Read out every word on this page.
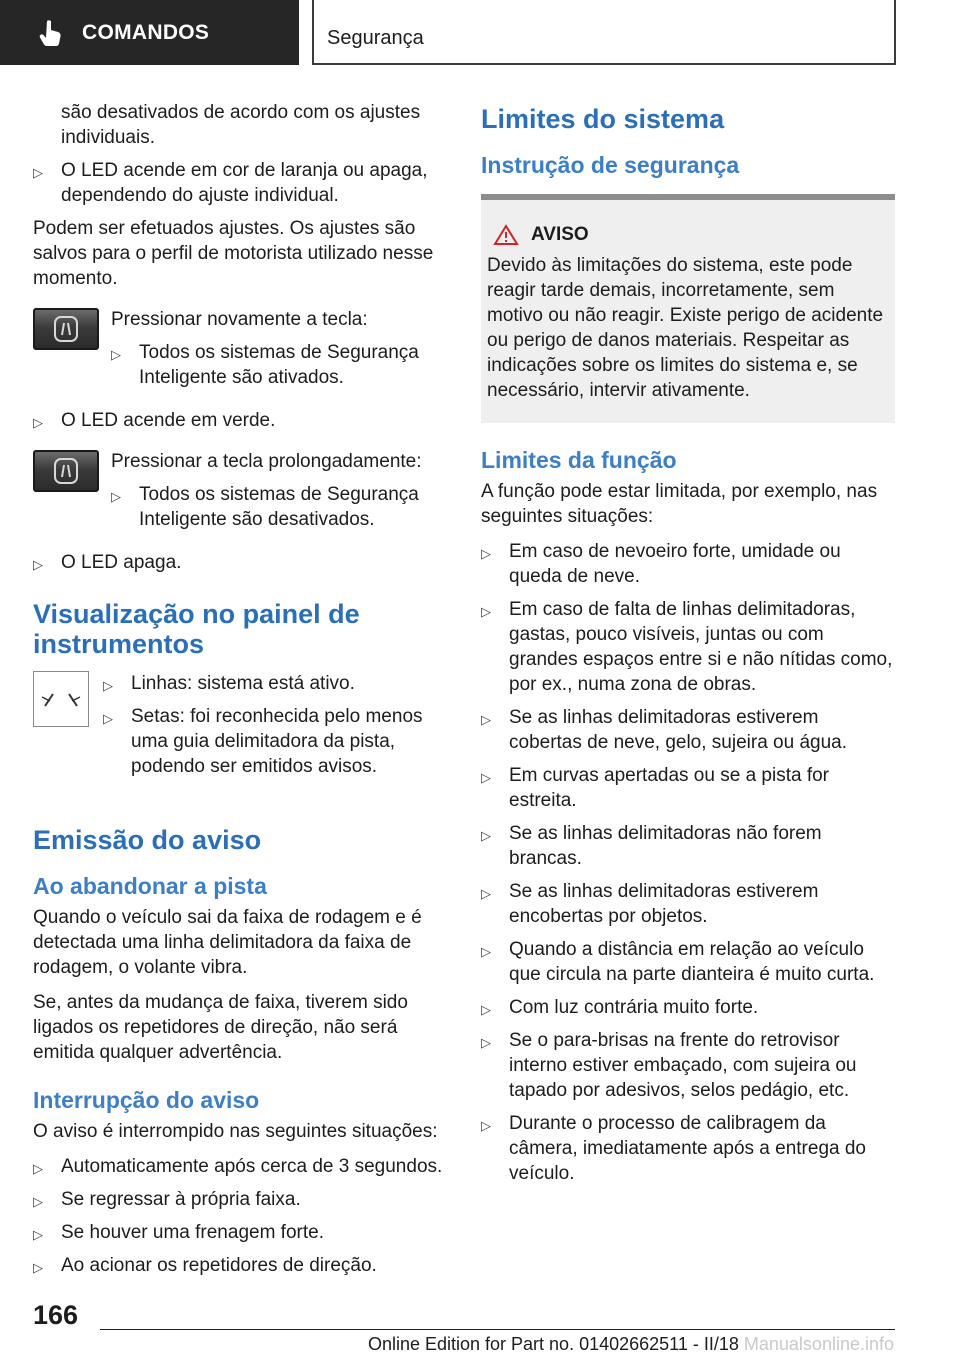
COMANDOS	Segurança
são desativados de acordo com os ajustes individuais.
▷ O LED acende em cor de laranja ou apaga, dependendo do ajuste individual.

Podem ser efetuados ajustes. Os ajustes são salvos para o perfil de motorista utilizado nesse momento.

Pressionar novamente a tecla:
▷ Todos os sistemas de Segurança Inteligente são ativados.
▷ O LED acende em verde.
Pressionar a tecla prolongadamente:
▷ Todos os sistemas de Segurança Inteligente são desativados.
▷ O LED apaga.
Visualização no painel de instrumentos
▷ Linhas: sistema está ativo.
▷ Setas: foi reconhecida pelo menos uma guia delimitadora da pista, podendo ser emitidos avisos.
Emissão do aviso
Ao abandonar a pista

Quando o veículo sai da faixa de rodagem e é detectada uma linha delimitadora da faixa de rodagem, o volante vibra.

Se, antes da mudança de faixa, tiverem sido ligados os repetidores de direção, não será emitida qualquer advertência.

Interrupção do aviso

O aviso é interrompido nas seguintes situações:

▷ Automaticamente após cerca de 3 segundos.
▷ Se regressar à própria faixa.
▷ Se houver uma frenagem forte.
▷ Ao acionar os repetidores de direção.
Limites do sistema
Instrução de segurança
AVISO
Devido às limitações do sistema, este pode reagir tarde demais, incorretamente, sem motivo ou não reagir. Existe perigo de acidente ou perigo de danos materiais. Respeitar as indicações sobre os limites do sistema e, se necessário, intervir ativamente.
Limites da função

A função pode estar limitada, por exemplo, nas seguintes situações:

▷ Em caso de nevoeiro forte, umidade ou queda de neve.
▷ Em caso de falta de linhas delimitadoras, gastas, pouco visíveis, juntas ou com grandes espaços entre si e não nítidas como, por ex., numa zona de obras.
▷ Se as linhas delimitadoras estiverem cobertas de neve, gelo, sujeira ou água.
▷ Em curvas apertadas ou se a pista for estreita.
▷ Se as linhas delimitadoras não forem brancas.
▷ Se as linhas delimitadoras estiverem encobertas por objetos.
▷ Quando a distância em relação ao veículo que circula na parte dianteira é muito curta.
▷ Com luz contrária muito forte.
▷ Se o para-brisas na frente do retrovisor interno estiver embaçado, com sujeira ou tapado por adesivos, selos pedágio, etc.
▷ Durante o processo de calibragem da câmera, imediatamente após a entrega do veículo.
166
Online Edition for Part no. 01402662511 - II/18 Manualsonline.info
